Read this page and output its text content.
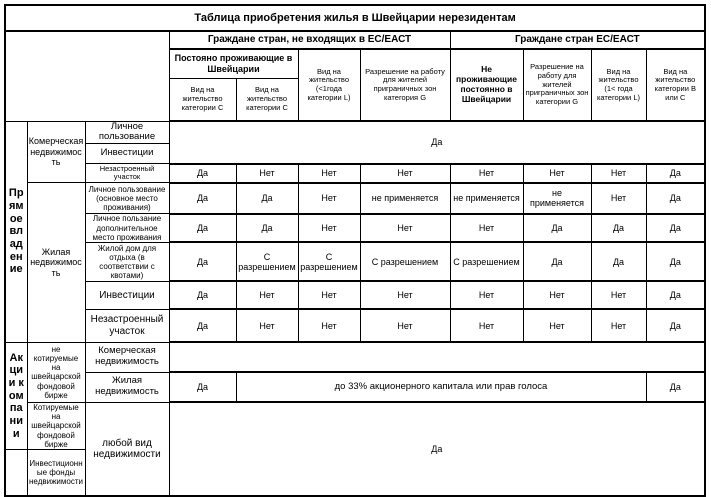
Таблица приобретения жилья в Швейцарии нерезидентам										
			Граждане стран, не входящих в ЕС/ЕАСТ				Граждане стран ЕС/ЕАСТ			
			Постояно проживающие в Швейцарии		Вид на жительство (<1года категории L)	Разрешение на работу для жителей приграничных зон категория G	Не проживающие постоянно в Швейцарии	Разрешение на работу для жителей приграничных зон категории G	Вид на жительство (1< года категории L)	Вид на жительство категории B или C
			Вид на жительство категории C	Вид на жительство категории C						
Прямое владение	Комерческая недвижимость	Личное пользование	Да							
		Инвестиции								
		Незастроенный участок	Да	Нет	Нет	Нет	Нет	Нет	Нет	Да
	Жилая недвижимость	Личное пользование (основное место проживания)	Да	Да	Нет	не применяется	не применяется	не применяется	Нет	Да
		Личное пользание дополнительное место проживания	Да	Да	Нет	Нет	Нет	Да	Да	Да
		Жилой дом для отдыха (в соответствии с квотами)	Да	С разрешением	С разрешением	С разрешением	С разрешением	Да	Да	Да
		Инвестиции	Да	Нет	Нет	Нет	Нет	Нет	Нет	Да
		Незастроенный участок	Да	Нет	Нет	Нет	Нет	Нет	Нет	Да
Акции компании	не котируемые на швейцарской фондовой бирже	Комерческая недвижимость								
		Жилая недвижимость	Да	до 33% акционерного капитала или прав голоса						Да
	Котируемые на швейцарской фондовой бирже	любой вид недвижимости	Да							
	Инвестиционные фонды недвижимости									
